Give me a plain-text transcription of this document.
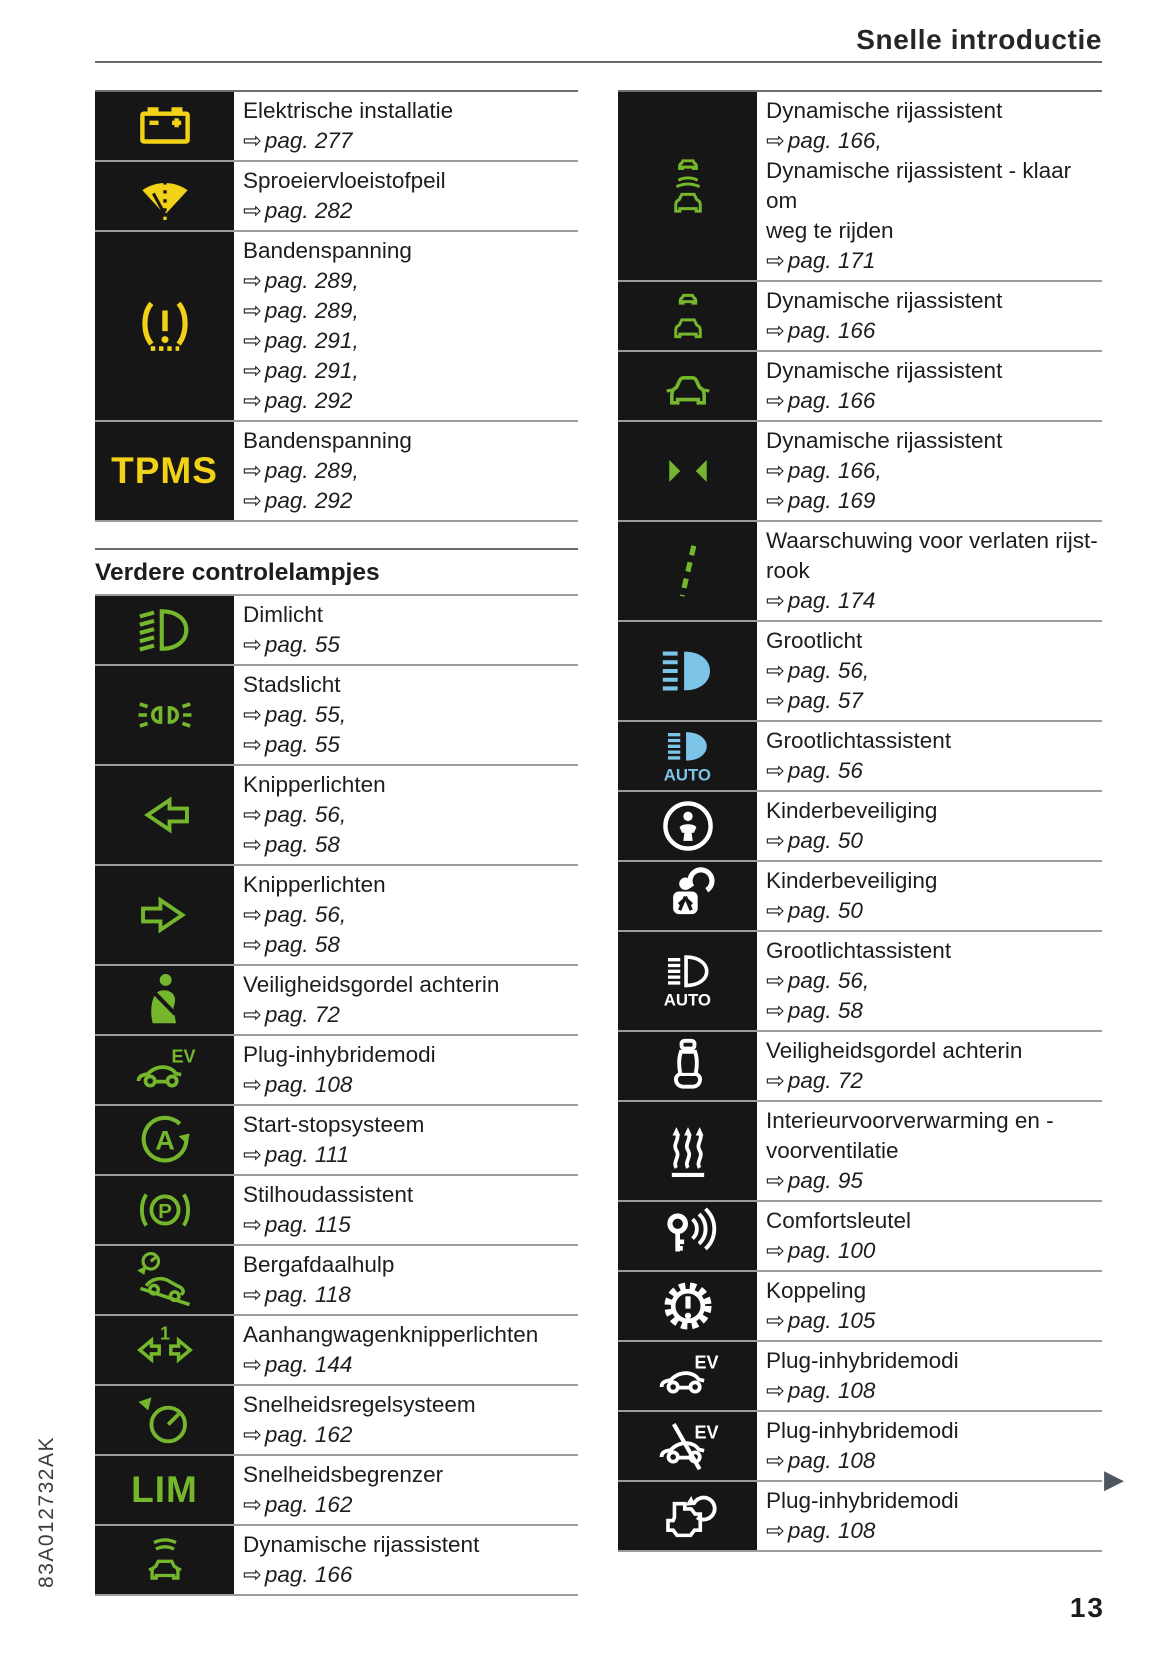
Snelle introductie
Elektrische installatie
⇨ pag. 277
Sproeiervloeistofpeil
⇨ pag. 282
Bandenspanning
⇨ pag. 289,
⇨ pag. 289,
⇨ pag. 291,
⇨ pag. 291,
⇨ pag. 292
TPMS
Bandenspanning
⇨ pag. 289,
⇨ pag. 292
Verdere controlelampjes
Dimlicht
⇨ pag. 55
Stadslicht
⇨ pag. 55,
⇨ pag. 55
Knipperlichten
⇨ pag. 56,
⇨ pag. 58
Knipperlichten
⇨ pag. 56,
⇨ pag. 58
Veiligheidsgordel achterin
⇨ pag. 72
EV Plug-inhybridemodi
⇨ pag. 108
A
Start-stopsysteem
⇨ pag. 111
P
Stilhoudassistent
⇨ pag. 115
Bergafdaalhulp
⇨ pag. 118
1	Aanhangwagenknipperlichten
⇨ pag. 144
Snelheidsregelsysteem
⇨ pag. 162
LIM Snelheidsbegrenzer
⇨ pag. 162
Dynamische rijassistent
⇨ pag. 166
Dynamische rijassistent
⇨ pag. 166,
Dynamische rijassistent - klaar om
weg te rijden
⇨ pag. 171
Dynamische rijassistent
⇨ pag. 166
Dynamische rijassistent
⇨ pag. 166
Dynamische rijassistent
⇨ pag. 166,
⇨ pag. 169
Waarschuwing voor verlaten rijst-
rook
⇨ pag. 174
Grootlicht
⇨ pag. 56,
⇨ pag. 57
AUTO
Grootlichtassistent
⇨ pag. 56
Kinderbeveiliging
⇨ pag. 50
Kinderbeveiliging
⇨ pag. 50
AUTO
Grootlichtassistent
⇨ pag. 56,
⇨ pag. 58
Veiligheidsgordel achterin
⇨ pag. 72
Interieurvoorverwarming en -
voorventilatie
⇨ pag. 95
Comfortsleutel
⇨ pag. 100
Koppeling
⇨ pag. 105
EV Plug-inhybridemodi
⇨ pag. 108
EV Plug-inhybridemodi
⇨ pag. 108
Plug-inhybridemodi
⇨ pag. 108
83A012732AK	▶
13
